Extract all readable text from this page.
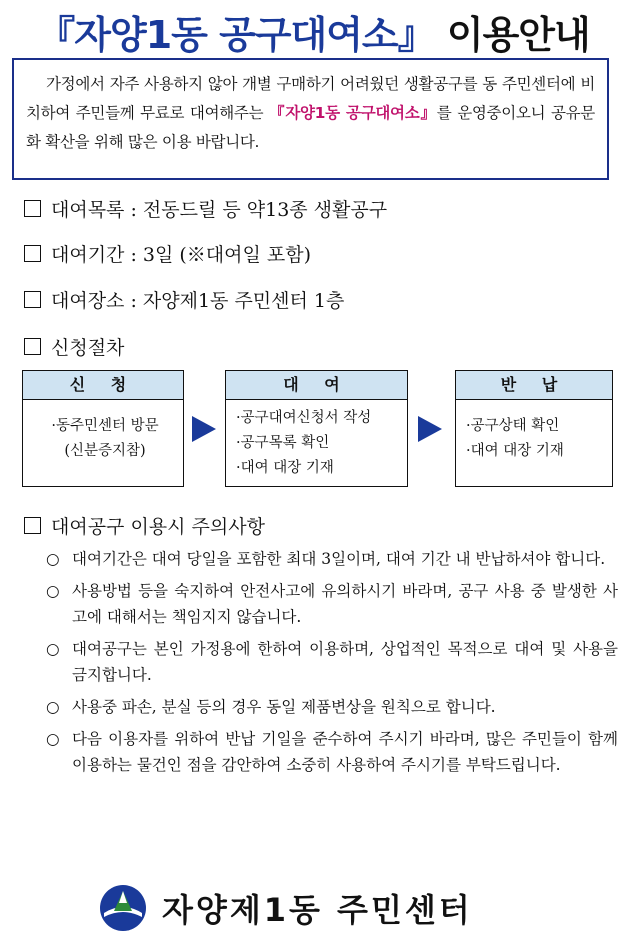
『자양1동 공구대여소』 이용안내
가정에서 자주 사용하지 않아 개별 구매하기 어려웠던 생활공구를 동 주민센터에 비치하여 주민들께 무료로 대여해주는 『자양1동 공구대여소』를 운영중이오니 공유문화 확산을 위해 많은 이용 바랍니다.
대여목록 : 전동드릴 등 약13종 생활공구
대여기간 : 3일 (※대여일 포함)
대여장소 : 자양제1동 주민센터 1층
신청절차
신 청
·동주민센터 방문
(신분증지참)
대 여
·공구대여신청서 작성
·공구목록 확인
·대여 대장 기재
반 납
·공구상태 확인
·대여 대장 기재
대여공구 이용시 주의사항
○ 대여기간은 대여 당일을 포함한 최대 3일이며, 대여 기간 내 반납하셔야 합니다.
○ 사용방법 등을 숙지하여 안전사고에 유의하시기 바라며, 공구 사용 중 발생한 사고에 대해서는 책임지지 않습니다.
○ 대여공구는 본인 가정용에 한하여 이용하며, 상업적인 목적으로 대여 및 사용을 금지합니다.
○ 사용중 파손, 분실 등의 경우 동일 제품변상을 원칙으로 합니다.
○ 다음 이용자를 위하여 반납 기일을 준수하여 주시기 바라며, 많은 주민들이 함께 이용하는 물건인 점을 감안하여 소중히 사용하여 주시기를 부탁드립니다.
자양제1동 주민센터
